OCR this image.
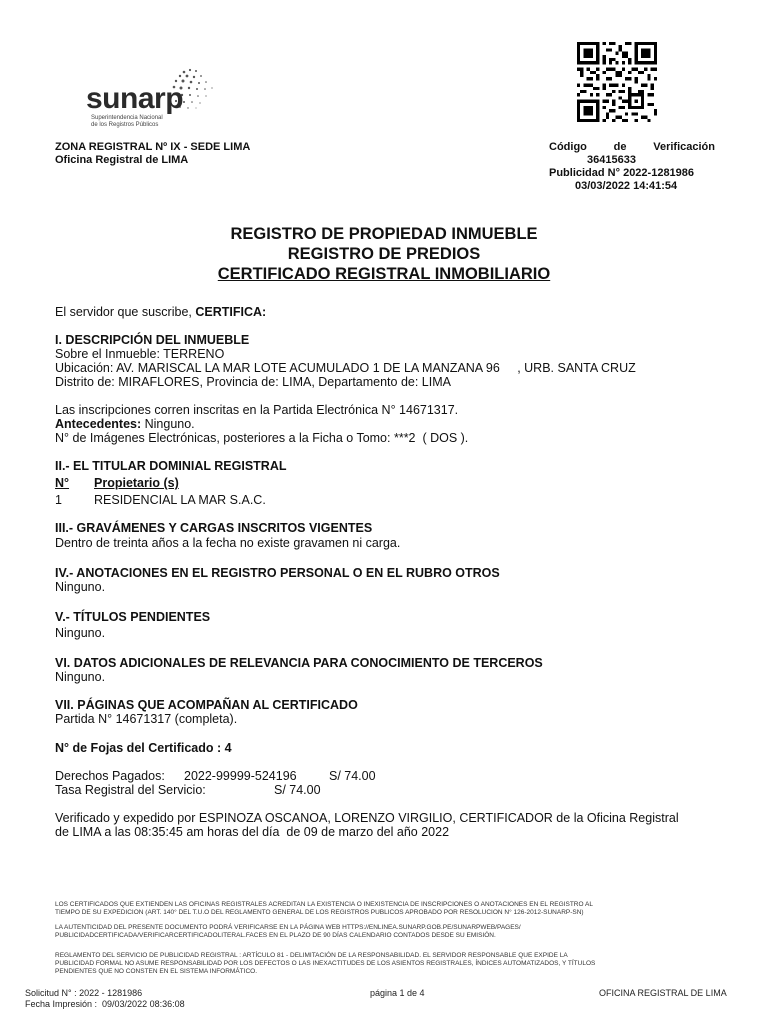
sunarp
Superintendencia Nacional
de los Registros Públicos
ZONA REGISTRAL Nº IX - SEDE LIMA
Oficina Registral de LIMA
Código de Verificación
36415633
Publicidad N° 2022-1281986
03/03/2022 14:41:54
REGISTRO DE PROPIEDAD INMUEBLE
REGISTRO DE PREDIOS
CERTIFICADO REGISTRAL INMOBILIARIO
El servidor que suscribe, CERTIFICA:
I. DESCRIPCIÓN DEL INMUEBLE
Sobre el Inmueble: TERRENO
Ubicación: AV. MARISCAL LA MAR LOTE ACUMULADO 1 DE LA MANZANA 96     , URB. SANTA CRUZ
Distrito de: MIRAFLORES, Provincia de: LIMA, Departamento de: LIMA
Las inscripciones corren inscritas en la Partida Electrónica N° 14671317.
Antecedentes: Ninguno.
N° de Imágenes Electrónicas, posteriores a la Ficha o Tomo: ***2  ( DOS ).
II.- EL TITULAR DOMINIAL REGISTRAL
N° Propietario (s)
1	RESIDENCIAL LA MAR S.A.C.
III.- GRAVÁMENES Y CARGAS INSCRITOS VIGENTES
Dentro de treinta años a la fecha no existe gravamen ni carga.
IV.- ANOTACIONES EN EL REGISTRO PERSONAL O EN EL RUBRO OTROS
Ninguno.
V.- TÍTULOS PENDIENTES
Ninguno.
VI. DATOS ADICIONALES DE RELEVANCIA PARA CONOCIMIENTO DE TERCEROS
Ninguno.
VII. PÁGINAS QUE ACOMPAÑAN AL CERTIFICADO
Partida N° 14671317 (completa).
N° de Fojas del Certificado : 4
Derechos Pagados: 2022-99999-524196	S/ 74.00
Tasa Registral del Servicio:	S/ 74.00
Verificado y expedido por ESPINOZA OSCANOA, LORENZO VIRGILIO, CERTIFICADOR de la Oficina Registral
de LIMA a las 08:35:45 am horas del día  de 09 de marzo del año 2022
LOS CERTIFICADOS QUE EXTIENDEN LAS OFICINAS REGISTRALES ACREDITAN LA EXISTENCIA O INEXISTENCIA DE INSCRIPCIONES O ANOTACIONES EN EL REGISTRO AL
TIEMPO DE SU EXPEDICION (ART. 140° DEL T.U.O DEL REGLAMENTO GENERAL DE LOS REGISTROS PUBLICOS APROBADO POR RESOLUCION N° 126-2012-SUNARP-SN)
LA AUTENTICIDAD DEL PRESENTE DOCUMENTO PODRÁ VERIFICARSE EN LA PÁGINA WEB HTTPS://ENLINEA.SUNARP.GOB.PE/SUNARPWEB/PAGES/
PUBLICIDADCERTIFICADA/VERIFICARCERTIFICADOLITERAL.FACES EN EL PLAZO DE 90 DÍAS CALENDARIO CONTADOS DESDE SU EMISIÓN.
REGLAMENTO DEL SERVICIO DE PUBLICIDAD REGISTRAL : ARTÍCULO 81 - DELIMITACIÓN DE LA RESPONSABILIDAD. EL SERVIDOR RESPONSABLE QUE EXPIDE LA
PUBLICIDAD FORMAL NO ASUME RESPONSABILIDAD POR LOS DEFECTOS O LAS INEXACTITUDES DE LOS ASIENTOS REGISTRALES, ÍNDICES AUTOMATIZADOS, Y TÍTULOS
PENDIENTES QUE NO CONSTEN EN EL SISTEMA INFORMÁTICO.
Solicitud N° : 2022 - 1281986
Fecha Impresión :  09/03/2022 08:36:08
página 1 de 4	OFICINA REGISTRAL DE LIMA
